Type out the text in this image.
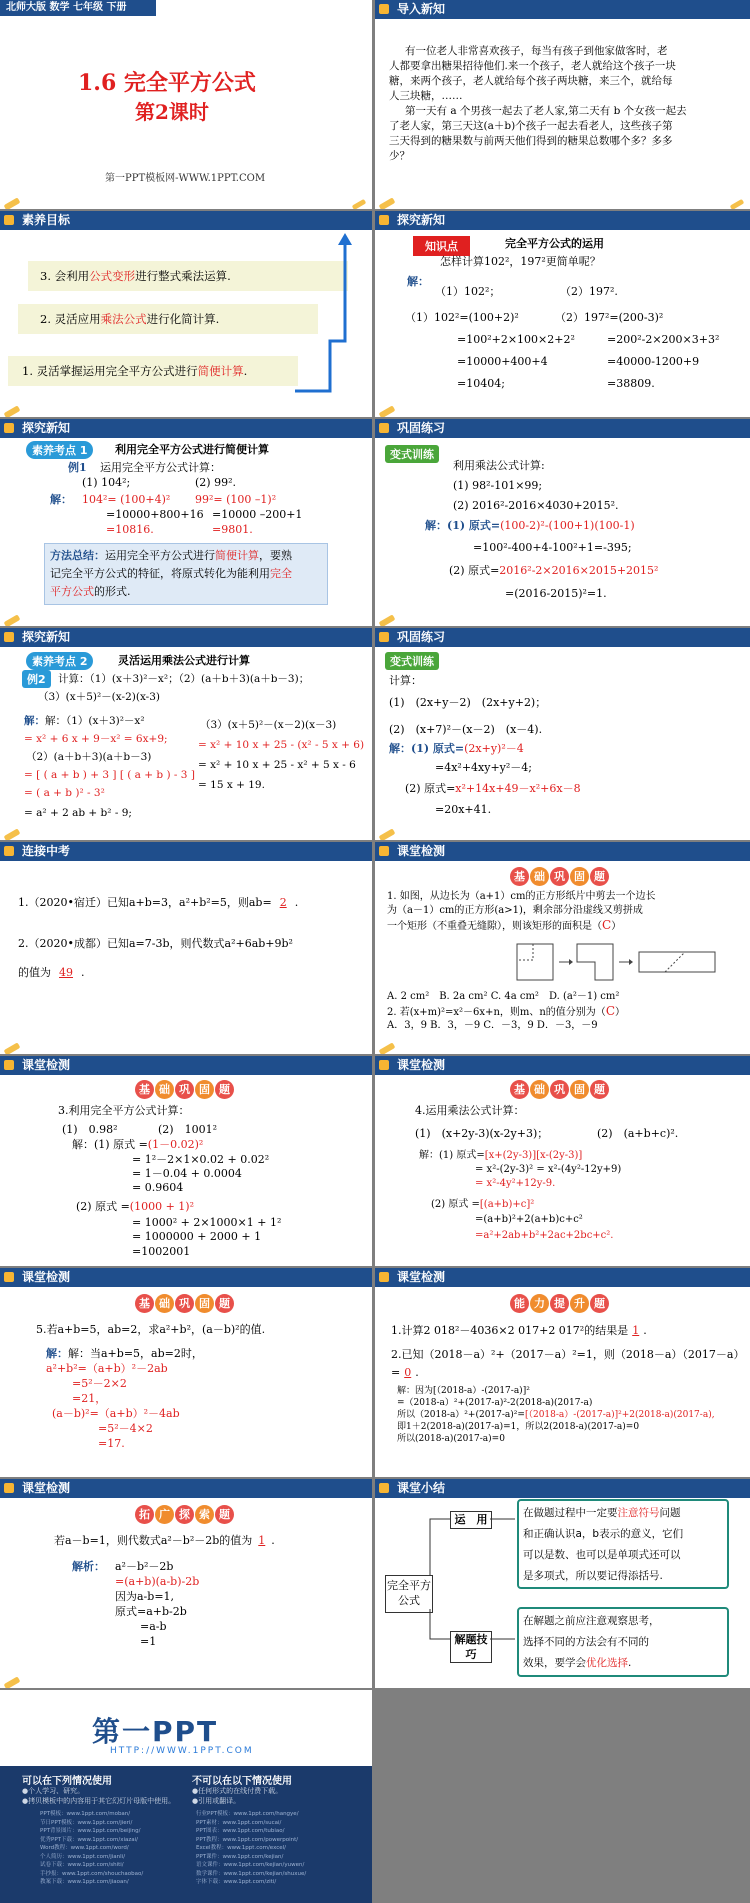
北师大版 数学 七年级 下册
1.6 完全平方公式
第2课时
第一PPT模板网-WWW.1PPT.COM
导入新知
有一位老人非常喜欢孩子，每当有孩子到他家做客时，老
人都要拿出糖果招待他们.来一个孩子，老人就给这个孩子一块
糖，来两个孩子，老人就给每个孩子两块糖，来三个，就给每
人三块糖，……
第一天有 a 个男孩一起去了老人家,第二天有 b 个女孩一起去
了老人家，第三天这(a＋b)个孩子一起去看老人，这些孩子第
三天得到的糖果数与前两天他们得到的糖果总数哪个多？多多
少？
素养目标
3. 会利用公式变形进行整式乘法运算.
2. 灵活应用乘法公式进行化简计算.
1. 灵活掌握运用完全平方公式进行简便计算.
探究新知
知识点	完全平方公式的运用
怎样计算102²，197²更简单呢？
解：
（1）102²；	（2）197².
（1）102²=(100+2)²
=100²+2×100×2+2²
=10000+400+4
=10404;
（2）197²=(200-3)²
=200²-2×200×3+3²
=40000-1200+9
=38809.
探究新知
素养考点 1	利用完全平方公式进行简便计算
例1 运用完全平方公式计算：
(1) 104²;	(2) 99².
解： 104²= (100+4)²
=10000+800+16
=10816.
99²= (100 –1)²
=10000 –200+1
=9801.
方法总结：运用完全平方公式进行简便计算，要熟
记完全平方公式的特征，将原式转化为能利用完全
平方公式的形式.
巩固练习
变式训练
利用乘法公式计算:
(1) 98²-101×99;
(2) 2016²-2016×4030+2015².
解：(1) 原式=(100-2)²-(100+1)(100-1)
=100²-400+4-100²+1=-395;
(2) 原式=2016²-2×2016×2015+2015²
=(2016-2015)²=1.
探究新知
素养考点 2	灵活运用乘法公式进行计算
例2	计算：（1）(x＋3)²－x²；（2）(a＋b＋3)(a＋b－3)；
（3）(x＋5)²－(x-2)(x-3)
解：解：（1）(x＋3)²－x²
= x² + 6 x + 9－x² = 6x+9;
（2）(a＋b＋3)(a＋b－3)
= [ ( a + b ) + 3 ] [ ( a + b ) - 3 ]
= ( a + b )² - 3²
= a² + 2 ab + b² - 9;
（3）(x＋5)²－(x－2)(x－3)
= x² + 10 x + 25 - (x² - 5 x + 6)
= x² + 10 x + 25 - x² + 5 x - 6
= 15 x + 19.
巩固练习
变式训练
计算：
(1)　(2x+y－2)　(2x+y+2)；
(2)　(x+7)²－(x－2)　(x－4).
解：(1) 原式=(2x+y)²－4
=4x²+4xy+y²－4;
(2) 原式=x²+14x+49－x²+6x－8
=20x+41.
连接中考
1.（2020•宿迁）已知a+b=3，a²+b²=5，则ab= 2 .
2.（2020•成都）已知a=7-3b，则代数式a²+6ab+9b²
的值为 49 .
课堂检测
基 础 巩 固 题
1. 如图，从边长为（a+1）cm的正方形纸片中剪去一个边长
为（a－1）cm的正方形(a>1)，剩余部分沿虚线又剪拼成
一个矩形（不重叠无缝隙），则该矩形的面积是（C）
A. 2 cm²　B. 2a cm² C. 4a cm²　D. (a²－1) cm²
2. 若(x+m)²=x²－6x+n，则m、n的值分别为（C）
A．3，9 B．3，－9 C．－3，9 D．－3，－9
课堂检测
基 础 巩 固 题
3.利用完全平方公式计算：
(1)　0.98²	(2)　1001²
解：(1) 原式 =(1－0.02)²
= 1²－2×1×0.02 + 0.02²
= 1－0.04 + 0.0004
= 0.9604
(2) 原式 =(1000 + 1)²
= 1000² + 2×1000×1 + 1²
= 1000000 + 2000 + 1
=1002001
课堂检测
基 础 巩 固 题
4.运用乘法公式计算：
(1)　(x+2y-3)(x-2y+3)；	(2)　(a+b+c)².
解：(1) 原式=[x+(2y-3)][x-(2y-3)]
= x²-(2y-3)² = x²-(4y²-12y+9)
= x²-4y²+12y-9.
(2) 原式 =[(a+b)+c]²
=(a+b)²+2(a+b)c+c²
=a²+2ab+b²+2ac+2bc+c².
课堂检测
基 础 巩 固 题
5.若a+b=5，ab=2，求a²+b²，(a－b)²的值.
解：解：当a+b=5，ab=2时，
a²+b²=（a+b）²－2ab
=5²－2×2
=21，
(a－b)²=（a+b）²－4ab
=5²－4×2
=17.
课堂检测
能 力 提 升 题
1.计算2 018²－4036×2 017+2 017²的结果是 1 .
2.已知（2018－a）²+（2017－a）²=1，则（2018－a）（2017－a）
= 0 .
解：因为[（2018-a）-(2017-a)]²
=（2018-a）²+(2017-a)²-2(2018-a)(2017-a)
所以（2018-a）²+(2017-a)²=[（2018-a）-(2017-a)]²+2(2018-a)(2017-a),
即1＋2(2018-a)(2017-a)=1，所以2(2018-a)(2017-a)=0
所以(2018-a)(2017-a)=0
课堂检测
拓 广 探 索 题
若a－b=1，则代数式a²－b²－2b的值为 1 .
解析： a²－b²－2b
=(a+b)(a-b)-2b
因为a-b=1,
原式=a+b-2b
=a-b
=1
课堂小结
完全平方公式
运　用
解题技巧
在做题过程中一定要注意符号问题
和正确认识a，b表示的意义，它们
可以是数、也可以是单项式还可以
是多项式，所以要记得添括号.
在解题之前应注意观察思考，
选择不同的方法会有不同的
效果，要学会优化选择.
第一PPT
HTTP://WWW.1PPT.COM
可以在下列情况使用
●个人学习、研究。
●拷贝模板中的内容用于其它幻灯片母版中使用。
不可以在以下情况使用
●任何形式的在线付费下载。
●引用或翻译。
PPT模板：www.1ppt.com/moban/
节日PPT模板：www.1ppt.com/jieri/
PPT背景图片：www.1ppt.com/beijing/
优秀PPT下载：www.1ppt.com/xiazai/
Word教程：www.1ppt.com/word/
个人简历：www.1ppt.com/jianli/
试卷下载：www.1ppt.com/shiti/
手抄报：www.1ppt.com/shouchaobao/
教案下载：www.1ppt.com/jiaoan/
行业PPT模板：www.1ppt.com/hangye/
PPT素材：www.1ppt.com/sucai/
PPT图表：www.1ppt.com/tubiao/
PPT教程：www.1ppt.com/powerpoint/
Excel教程：www.1ppt.com/excel/
PPT课件：www.1ppt.com/kejian/
语文课件：www.1ppt.com/kejian/yuwen/
数学课件：www.1ppt.com/kejian/shuxue/
字体下载：www.1ppt.com/ziti/
